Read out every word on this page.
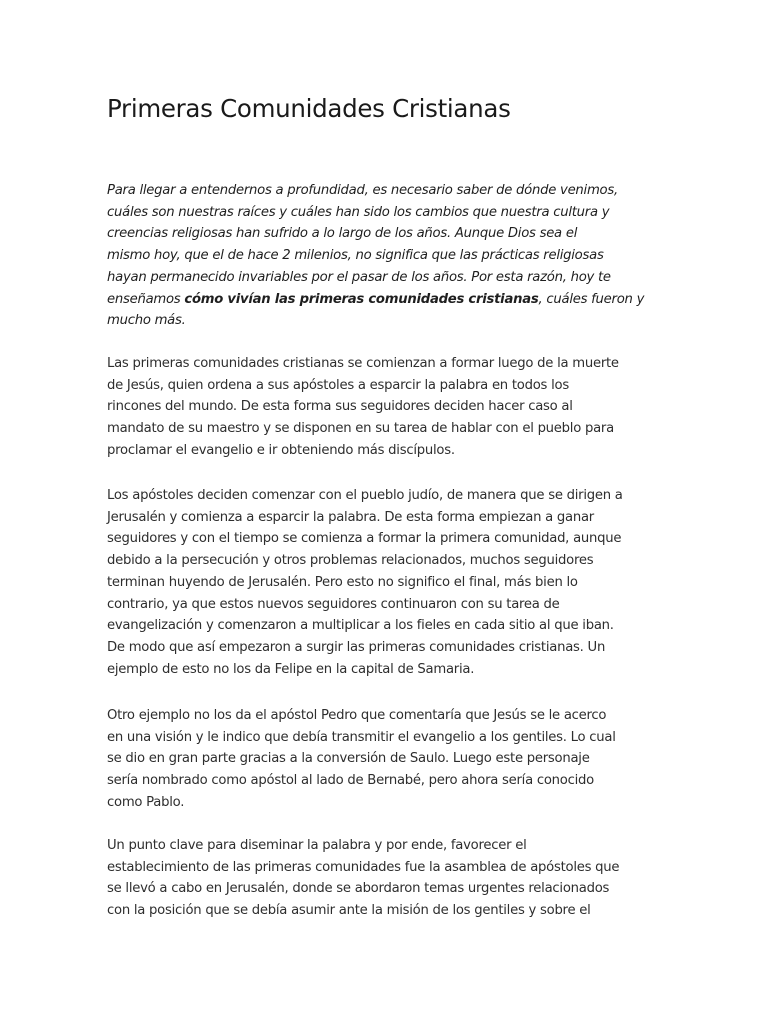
Primeras Comunidades Cristianas

Para llegar a entendernos a profundidad, es necesario saber de dónde venimos,
cuáles son nuestras raíces y cuáles han sido los cambios que nuestra cultura y
creencias religiosas han sufrido a lo largo de los años. Aunque Dios sea el
mismo hoy, que el de hace 2 milenios, no significa que las prácticas religiosas
hayan permanecido invariables por el pasar de los años. Por esta razón, hoy te
enseñamos cómo vivían las primeras comunidades cristianas, cuáles fueron y
mucho más.

Las primeras comunidades cristianas se comienzan a formar luego de la muerte
de Jesús, quien ordena a sus apóstoles a esparcir la palabra en todos los
rincones del mundo. De esta forma sus seguidores deciden hacer caso al
mandato de su maestro y se disponen en su tarea de hablar con el pueblo para
proclamar el evangelio e ir obteniendo más discípulos.

Los apóstoles deciden comenzar con el pueblo judío, de manera que se dirigen a
Jerusalén y comienza a esparcir la palabra. De esta forma empiezan a ganar
seguidores y con el tiempo se comienza a formar la primera comunidad, aunque
debido a la persecución y otros problemas relacionados, muchos seguidores
terminan huyendo de Jerusalén. Pero esto no significo el final, más bien lo
contrario, ya que estos nuevos seguidores continuaron con su tarea de
evangelización y comenzaron a multiplicar a los fieles en cada sitio al que iban.
De modo que así empezaron a surgir las primeras comunidades cristianas. Un
ejemplo de esto no los da Felipe en la capital de Samaria.

Otro ejemplo no los da el apóstol Pedro que comentaría que Jesús se le acerco
en una visión y le indico que debía transmitir el evangelio a los gentiles. Lo cual
se dio en gran parte gracias a la conversión de Saulo. Luego este personaje
sería nombrado como apóstol al lado de Bernabé, pero ahora sería conocido
como Pablo.

Un punto clave para diseminar la palabra y por ende, favorecer el
establecimiento de las primeras comunidades fue la asamblea de apóstoles que
se llevó a cabo en Jerusalén, donde se abordaron temas urgentes relacionados
con la posición que se debía asumir ante la misión de los gentiles y sobre el
